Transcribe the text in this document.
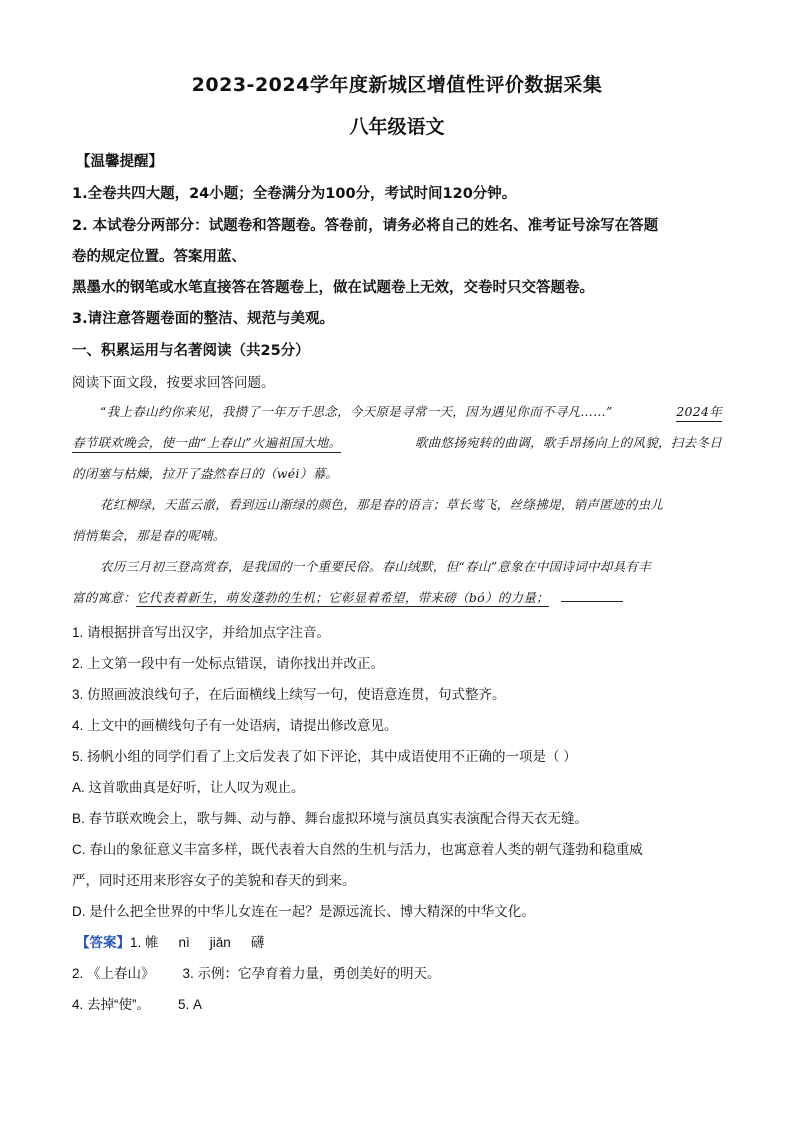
2023-2024学年度新城区增值性评价数据采集
八年级语文
【温馨提醒】
1.全卷共四大题，24小题；全卷满分为100分，考试时间120分钟。
2. 本试卷分两部分：试题卷和答题卷。答卷前，请务必将自己的姓名、准考证号涂写在答题
卷的规定位置。答案用蓝、
黑墨水的钢笔或水笔直接答在答题卷上，做在试题卷上无效，交卷时只交答题卷。
3.请注意答题卷面的整洁、规范与美观。
一、积累运用与名著阅读（共25分）
阅读下面文段，按要求回答问题。
“我上春山约你来见，我攒了一年万千思念，今天原是寻常一天，因为遇见你而不寻凡……”	2024年
春节联欢晚会，使一曲“上春山”火遍祖国大地。	歌曲悠扬宛转的曲调，歌手昂扬向上的风貌，扫去冬日
的闭塞与枯燥，拉开了盎然春日的（wéi）幕。
花红柳绿，天蓝云澈，看到远山渐绿的颜色，那是春的语言；草长莺飞，丝绦拂堤，销声匿迹的虫儿
悄悄集会，那是春的呢喃。
农历三月初三登高赏春，是我国的一个重要民俗。春山绒默，但“春山”意象在中国诗词中却具有丰
富的寓意：它代表着新生，萌发蓬勃的生机；它彰显着希望，带来磅（bó）的力量；
1. 请根据拼音写出汉字，并给加点字注音。
2. 上文第一段中有一处标点错误，请你找出并改正。
3. 仿照画波浪线句子，在后面横线上续写一句，使语意连贯，句式整齐。
4. 上文中的画横线句子有一处语病，请提出修改意见。
5. 扬帆小组的同学们看了上文后发表了如下评论，其中成语使用不正确的一项是（ ）
A. 这首歌曲真是好听，让人叹为观止。
B. 春节联欢晚会上，歌与舞、动与静、舞台虚拟环境与演员真实表演配合得天衣无缝。
C. 春山的象征意义丰富多样，既代表着大自然的生机与活力，也寓意着人类的朝气蓬勃和稳重威
严，同时还用来形容女子的美貌和春天的到来。
D. 是什么把全世界的中华儿女连在一起？是源远流长、博大精深的中华文化。
【答案】1. 帷 nì jiān 礴
2. 《上春山》 3. 示例：它孕育着力量，勇创美好的明天。
4. 去掉“使”。 5. A
